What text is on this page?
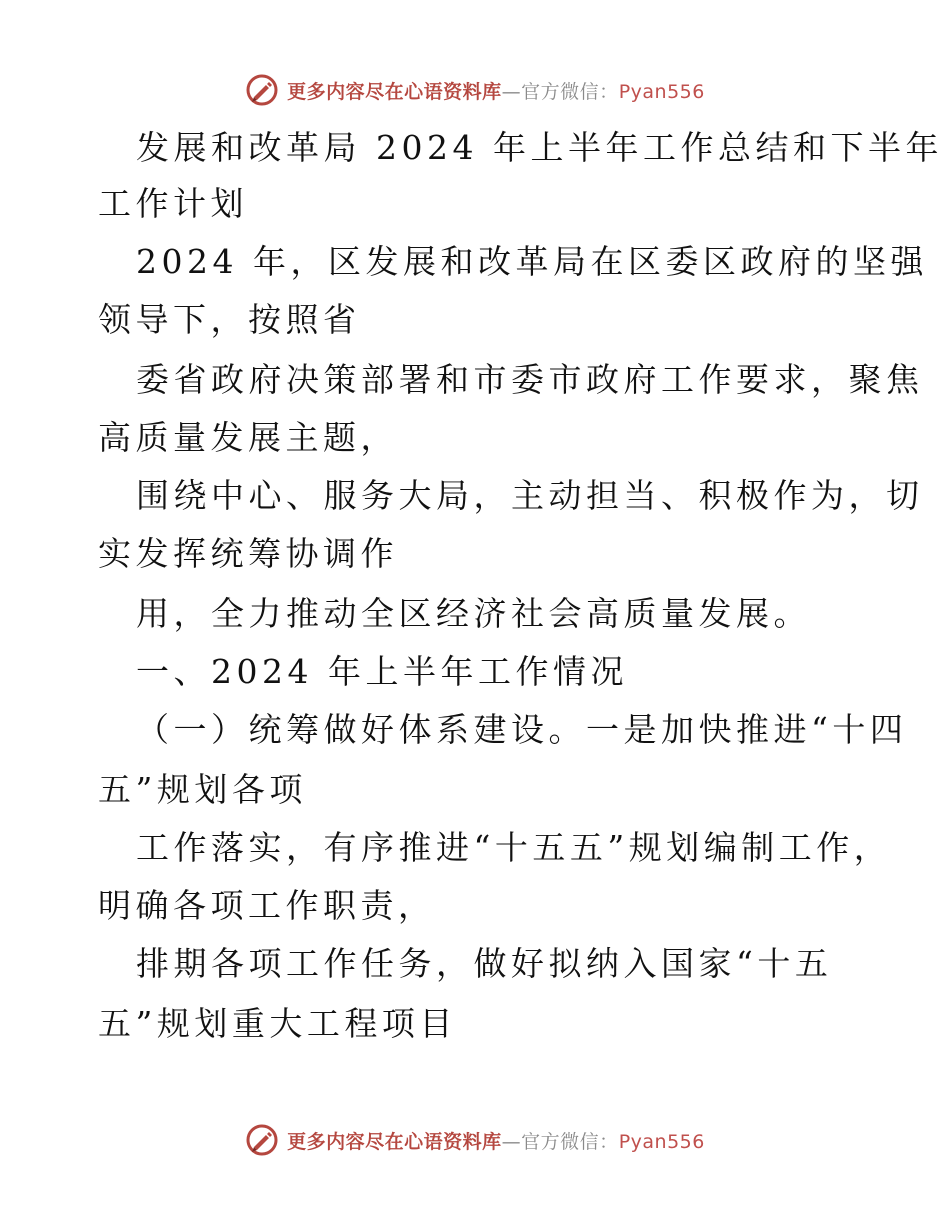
更多内容尽在心语资料库—官方微信：Pyan556
发展和改革局 2024 年上半年工作总结和下半年
工作计划
2024 年，区发展和改革局在区委区政府的坚强
领导下，按照省
委省政府决策部署和市委市政府工作要求，聚焦
高质量发展主题，
围绕中心、服务大局，主动担当、积极作为，切
实发挥统筹协调作
用，全力推动全区经济社会高质量发展。
一、2024 年上半年工作情况
（一）统筹做好体系建设。一是加快推进“十四
五”规划各项
工作落实，有序推进“十五五”规划编制工作，
明确各项工作职责，
排期各项工作任务，做好拟纳入国家“十五
五”规划重大工程项目
更多内容尽在心语资料库—官方微信：Pyan556
